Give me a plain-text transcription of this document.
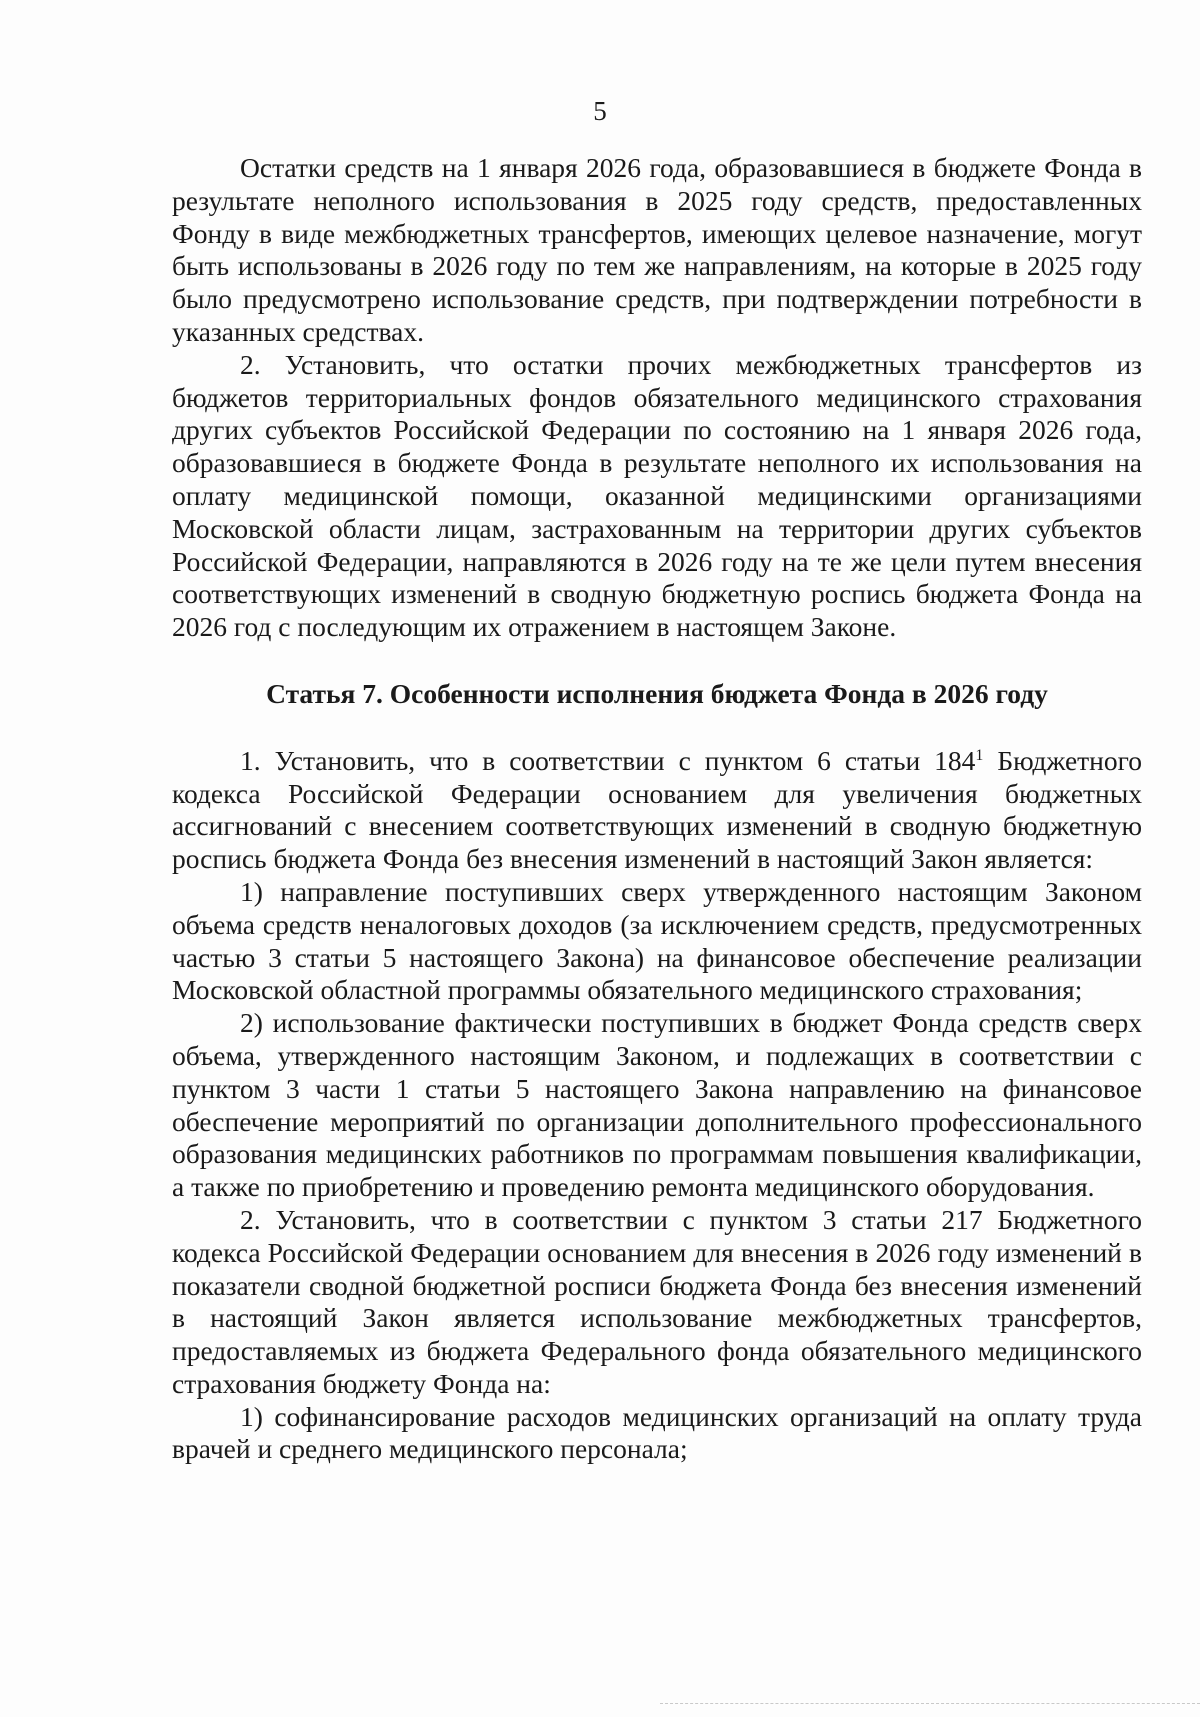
5

Остатки средств на 1 января 2026 года, образовавшиеся в бюджете Фонда в результате неполного использования в 2025 году средств, предоставленных Фонду в виде межбюджетных трансфертов, имеющих целевое назначение, могут быть использованы в 2026 году по тем же направлениям, на которые в 2025 году было предусмотрено использование средств, при подтверждении потребности в указанных средствах.

2. Установить, что остатки прочих межбюджетных трансфертов из бюджетов территориальных фондов обязательного медицинского страхования других субъектов Российской Федерации по состоянию на 1 января 2026 года, образовавшиеся в бюджете Фонда в результате неполного их использования на оплату медицинской помощи, оказанной медицинскими организациями Московской области лицам, застрахованным на территории других субъектов Российской Федерации, направляются в 2026 году на те же цели путем внесения соответствующих изменений в сводную бюджетную роспись бюджета Фонда на 2026 год с последующим их отражением в настоящем Законе.

Статья 7. Особенности исполнения бюджета Фонда в 2026 году

1. Установить, что в соответствии с пунктом 6 статьи $184^1$ Бюджетного кодекса Российской Федерации основанием для увеличения бюджетных ассигнований с внесением соответствующих изменений в сводную бюджетную роспись бюджета Фонда без внесения изменений в настоящий Закон является:

1) направление поступивших сверх утвержденного настоящим Законом объема средств неналоговых доходов (за исключением средств, предусмотренных частью 3 статьи 5 настоящего Закона) на финансовое обеспечение реализации Московской областной программы обязательного медицинского страхования;

2) использование фактически поступивших в бюджет Фонда средств сверх объема, утвержденного настоящим Законом, и подлежащих в соответствии с пунктом 3 части 1 статьи 5 настоящего Закона направлению на финансовое обеспечение мероприятий по организации дополнительного профессионального образования медицинских работников по программам повышения квалификации, а также по приобретению и проведению ремонта медицинского оборудования.

2. Установить, что в соответствии с пунктом 3 статьи 217 Бюджетного кодекса Российской Федерации основанием для внесения в 2026 году изменений в показатели сводной бюджетной росписи бюджета Фонда без внесения изменений в настоящий Закон является использование межбюджетных трансфертов, предоставляемых из бюджета Федерального фонда обязательного медицинского страхования бюджету Фонда на:

1) софинансирование расходов медицинских организаций на оплату труда врачей и среднего медицинского персонала;
